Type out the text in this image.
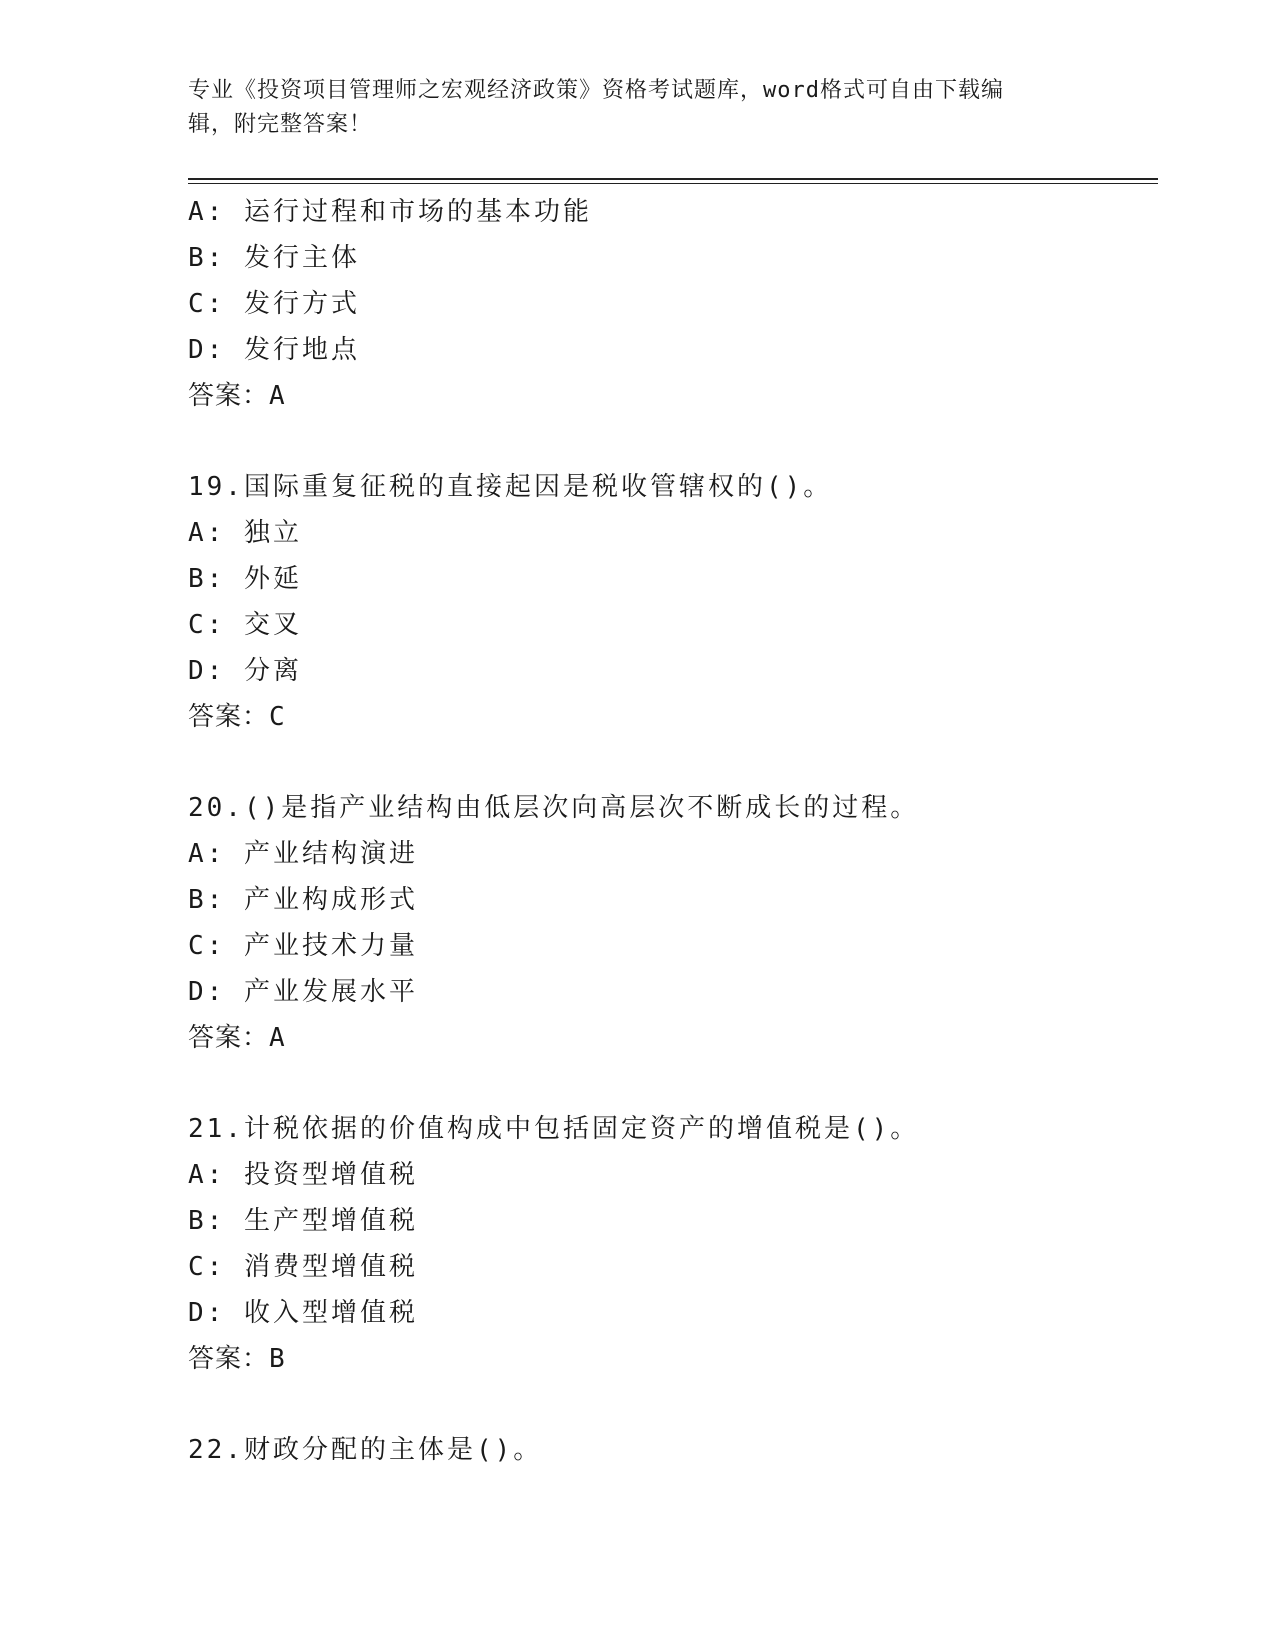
专业《投资项目管理师之宏观经济政策》资格考试题库，word格式可自由下载编
辑，附完整答案！
A: 运行过程和市场的基本功能
B: 发行主体
C: 发行方式
D: 发行地点
答案：A
19.国际重复征税的直接起因是税收管辖权的()。
A: 独立
B: 外延
C: 交叉
D: 分离
答案：C
20.()是指产业结构由低层次向高层次不断成长的过程。
A: 产业结构演进
B: 产业构成形式
C: 产业技术力量
D: 产业发展水平
答案：A
21.计税依据的价值构成中包括固定资产的增值税是()。
A: 投资型增值税
B: 生产型增值税
C: 消费型增值税
D: 收入型增值税
答案：B
22.财政分配的主体是()。
